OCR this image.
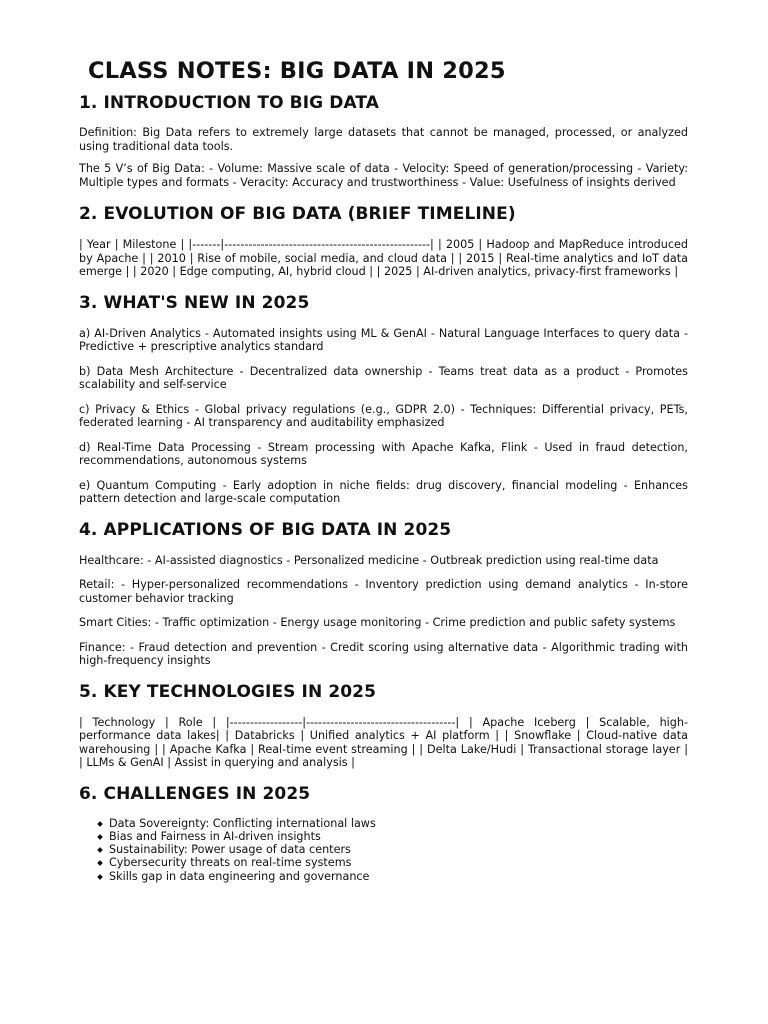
CLASS NOTES: BIG DATA IN 2025
1. INTRODUCTION TO BIG DATA

Definition: Big Data refers to extremely large datasets that cannot be managed, processed, or analyzed using traditional data tools.

The 5 V’s of Big Data: - Volume: Massive scale of data - Velocity: Speed of generation/processing - Variety: Multiple types and formats - Veracity: Accuracy and trustworthiness - Value: Usefulness of insights derived

2. EVOLUTION OF BIG DATA (BRIEF TIMELINE)

| Year | Milestone | |-------|---------------------------------------------------| | 2005 | Hadoop and MapReduce introduced by Apache | | 2010 | Rise of mobile, social media, and cloud data | | 2015 | Real-time analytics and IoT data emerge | | 2020 | Edge computing, AI, hybrid cloud | | 2025 | AI-driven analytics, privacy-first frameworks |

3. WHAT'S NEW IN 2025

a) AI-Driven Analytics - Automated insights using ML & GenAI - Natural Language Interfaces to query data - Predictive + prescriptive analytics standard

b) Data Mesh Architecture - Decentralized data ownership - Teams treat data as a product - Promotes scalability and self-service

c) Privacy & Ethics - Global privacy regulations (e.g., GDPR 2.0) - Techniques: Differential privacy, PETs, federated learning - AI transparency and auditability emphasized

d) Real-Time Data Processing - Stream processing with Apache Kafka, Flink - Used in fraud detection, recommendations, autonomous systems

e) Quantum Computing - Early adoption in niche fields: drug discovery, financial modeling - Enhances pattern detection and large-scale computation

4. APPLICATIONS OF BIG DATA IN 2025

Healthcare: - AI-assisted diagnostics - Personalized medicine - Outbreak prediction using real-time data

Retail: - Hyper-personalized recommendations - Inventory prediction using demand analytics - In-store customer behavior tracking

Smart Cities: - Traffic optimization - Energy usage monitoring - Crime prediction and public safety systems

Finance: - Fraud detection and prevention - Credit scoring using alternative data - Algorithmic trading with high-frequency insights

5. KEY TECHNOLOGIES IN 2025

| Technology | Role | |------------------|-------------------------------------| | Apache Iceberg | Scalable, high-performance data lakes| | Databricks | Unified analytics + AI platform | | Snowflake | Cloud-native data warehousing | | Apache Kafka | Real-time event streaming | | Delta Lake/Hudi | Transactional storage layer | | LLMs & GenAI | Assist in querying and analysis |

6. CHALLENGES IN 2025
Data Sovereignty: Conflicting international laws
Bias and Fairness in AI-driven insights
Sustainability: Power usage of data centers
Cybersecurity threats on real-time systems
Skills gap in data engineering and governance
